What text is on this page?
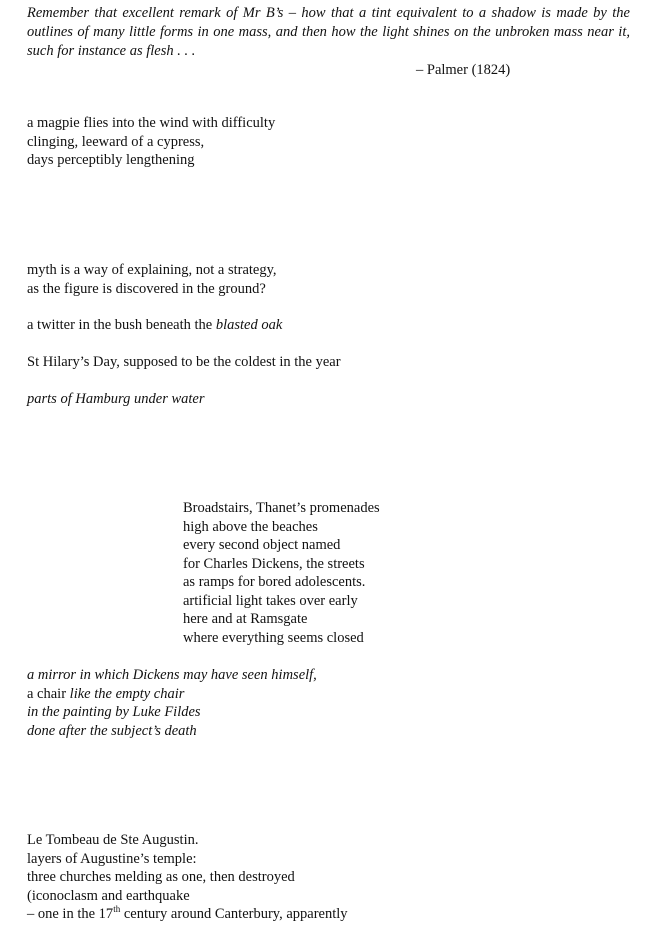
Remember that excellent remark of Mr B’s – how that a tint equivalent to a shadow is made by the outlines of many little forms in one mass, and then how the light shines on the unbroken mass near it, such for instance as flesh . . .
– Palmer (1824)
a magpie flies into the wind with difficulty
clinging, leeward of a cypress,
days perceptibly lengthening
myth is a way of explaining, not a strategy,
as the figure is discovered in the ground?
a twitter in the bush beneath the blasted oak
St Hilary’s Day, supposed to be the coldest in the year
parts of Hamburg under water
Broadstairs, Thanet’s promenades
high above the beaches
every second object named
for Charles Dickens, the streets
as ramps for bored adolescents.
artificial light takes over early
here and at Ramsgate
where everything seems closed
a mirror in which Dickens may have seen himself,
a chair like the empty chair
in the painting by Luke Fildes
done after the subject’s death
Le Tombeau de Ste Augustin.
layers of Augustine’s temple:
three churches melding as one, then destroyed
(iconoclasm and earthquake
– one in the 17th century around Canterbury, apparently
